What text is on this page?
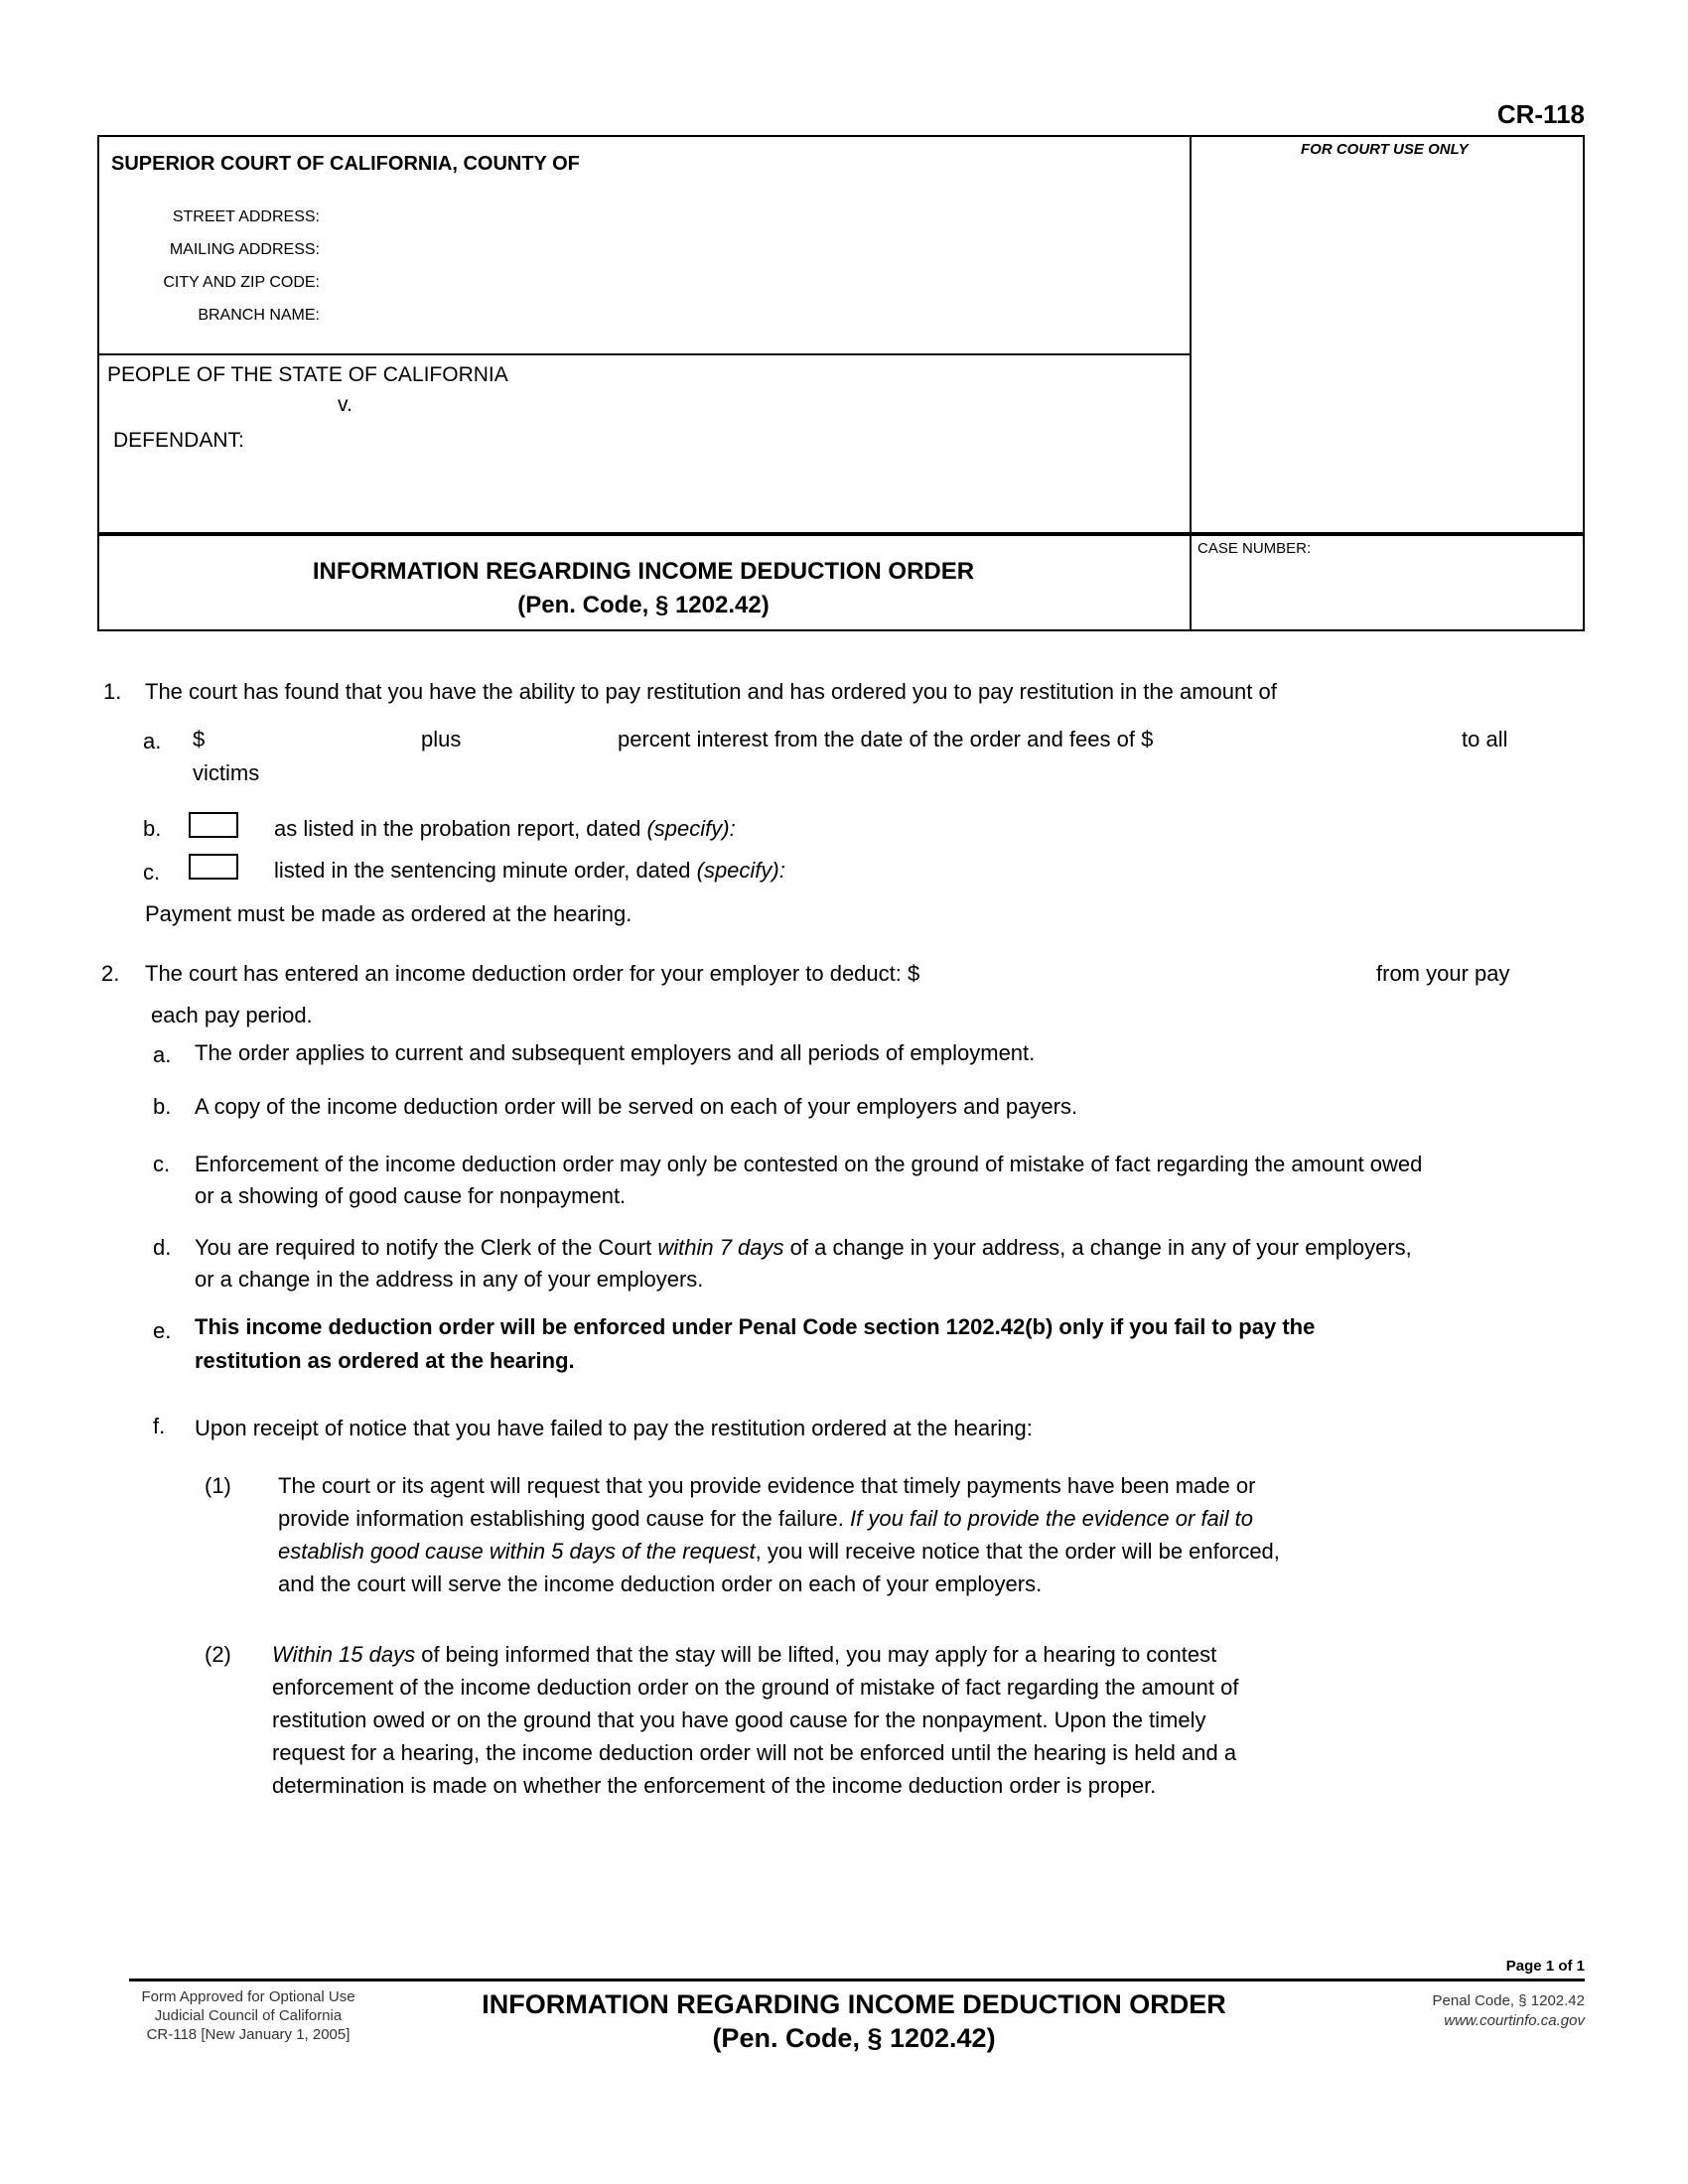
CR-118
SUPERIOR COURT OF CALIFORNIA, COUNTY OF
STREET ADDRESS:
MAILING ADDRESS:
CITY AND ZIP CODE:
BRANCH NAME:
FOR COURT USE ONLY
PEOPLE OF THE STATE OF CALIFORNIA
v.
DEFENDANT:
INFORMATION REGARDING INCOME DEDUCTION ORDER
(Pen. Code, § 1202.42)
CASE NUMBER:
1. The court has found that you have the ability to pay restitution and has ordered you to pay restitution in the amount of
a. $	plus	percent interest from the date of the order and fees of $	to all
victims
b.	as listed in the probation report, dated (specify):
c.	listed in the sentencing minute order, dated (specify):
Payment must be made as ordered at the hearing.
2. The court has entered an income deduction order for your employer to deduct: $	from your pay
each pay period.
a. The order applies to current and subsequent employers and all periods of employment.
b. A copy of the income deduction order will be served on each of your employers and payers.
c. Enforcement of the income deduction order may only be contested on the ground of mistake of fact regarding the amount owed
or a showing of good cause for nonpayment.
d. You are required to notify the Clerk of the Court within 7 days of a change in your address, a change in any of your employers,
or a change in the address in any of your employers.
e. This income deduction order will be enforced under Penal Code section 1202.42(b) only if you fail to pay the
restitution as ordered at the hearing.
f. Upon receipt of notice that you have failed to pay the restitution ordered at the hearing:
(1) The court or its agent will request that you provide evidence that timely payments have been made or
provide information establishing good cause for the failure. If you fail to provide the evidence or fail to
establish good cause within 5 days of the request, you will receive notice that the order will be enforced,
and the court will serve the income deduction order on each of your employers.
(2) Within 15 days of being informed that the stay will be lifted, you may apply for a hearing to contest
enforcement of the income deduction order on the ground of mistake of fact regarding the amount of
restitution owed or on the ground that you have good cause for the nonpayment. Upon the timely
request for a hearing, the income deduction order will not be enforced until the hearing is held and a
determination is made on whether the enforcement of the income deduction order is proper.
Page 1 of 1
Form Approved for Optional Use
Judicial Council of California
CR-118 [New January 1, 2005]
INFORMATION REGARDING INCOME DEDUCTION ORDER
(Pen. Code, § 1202.42)
Penal Code, § 1202.42
www.courtinfo.ca.gov
